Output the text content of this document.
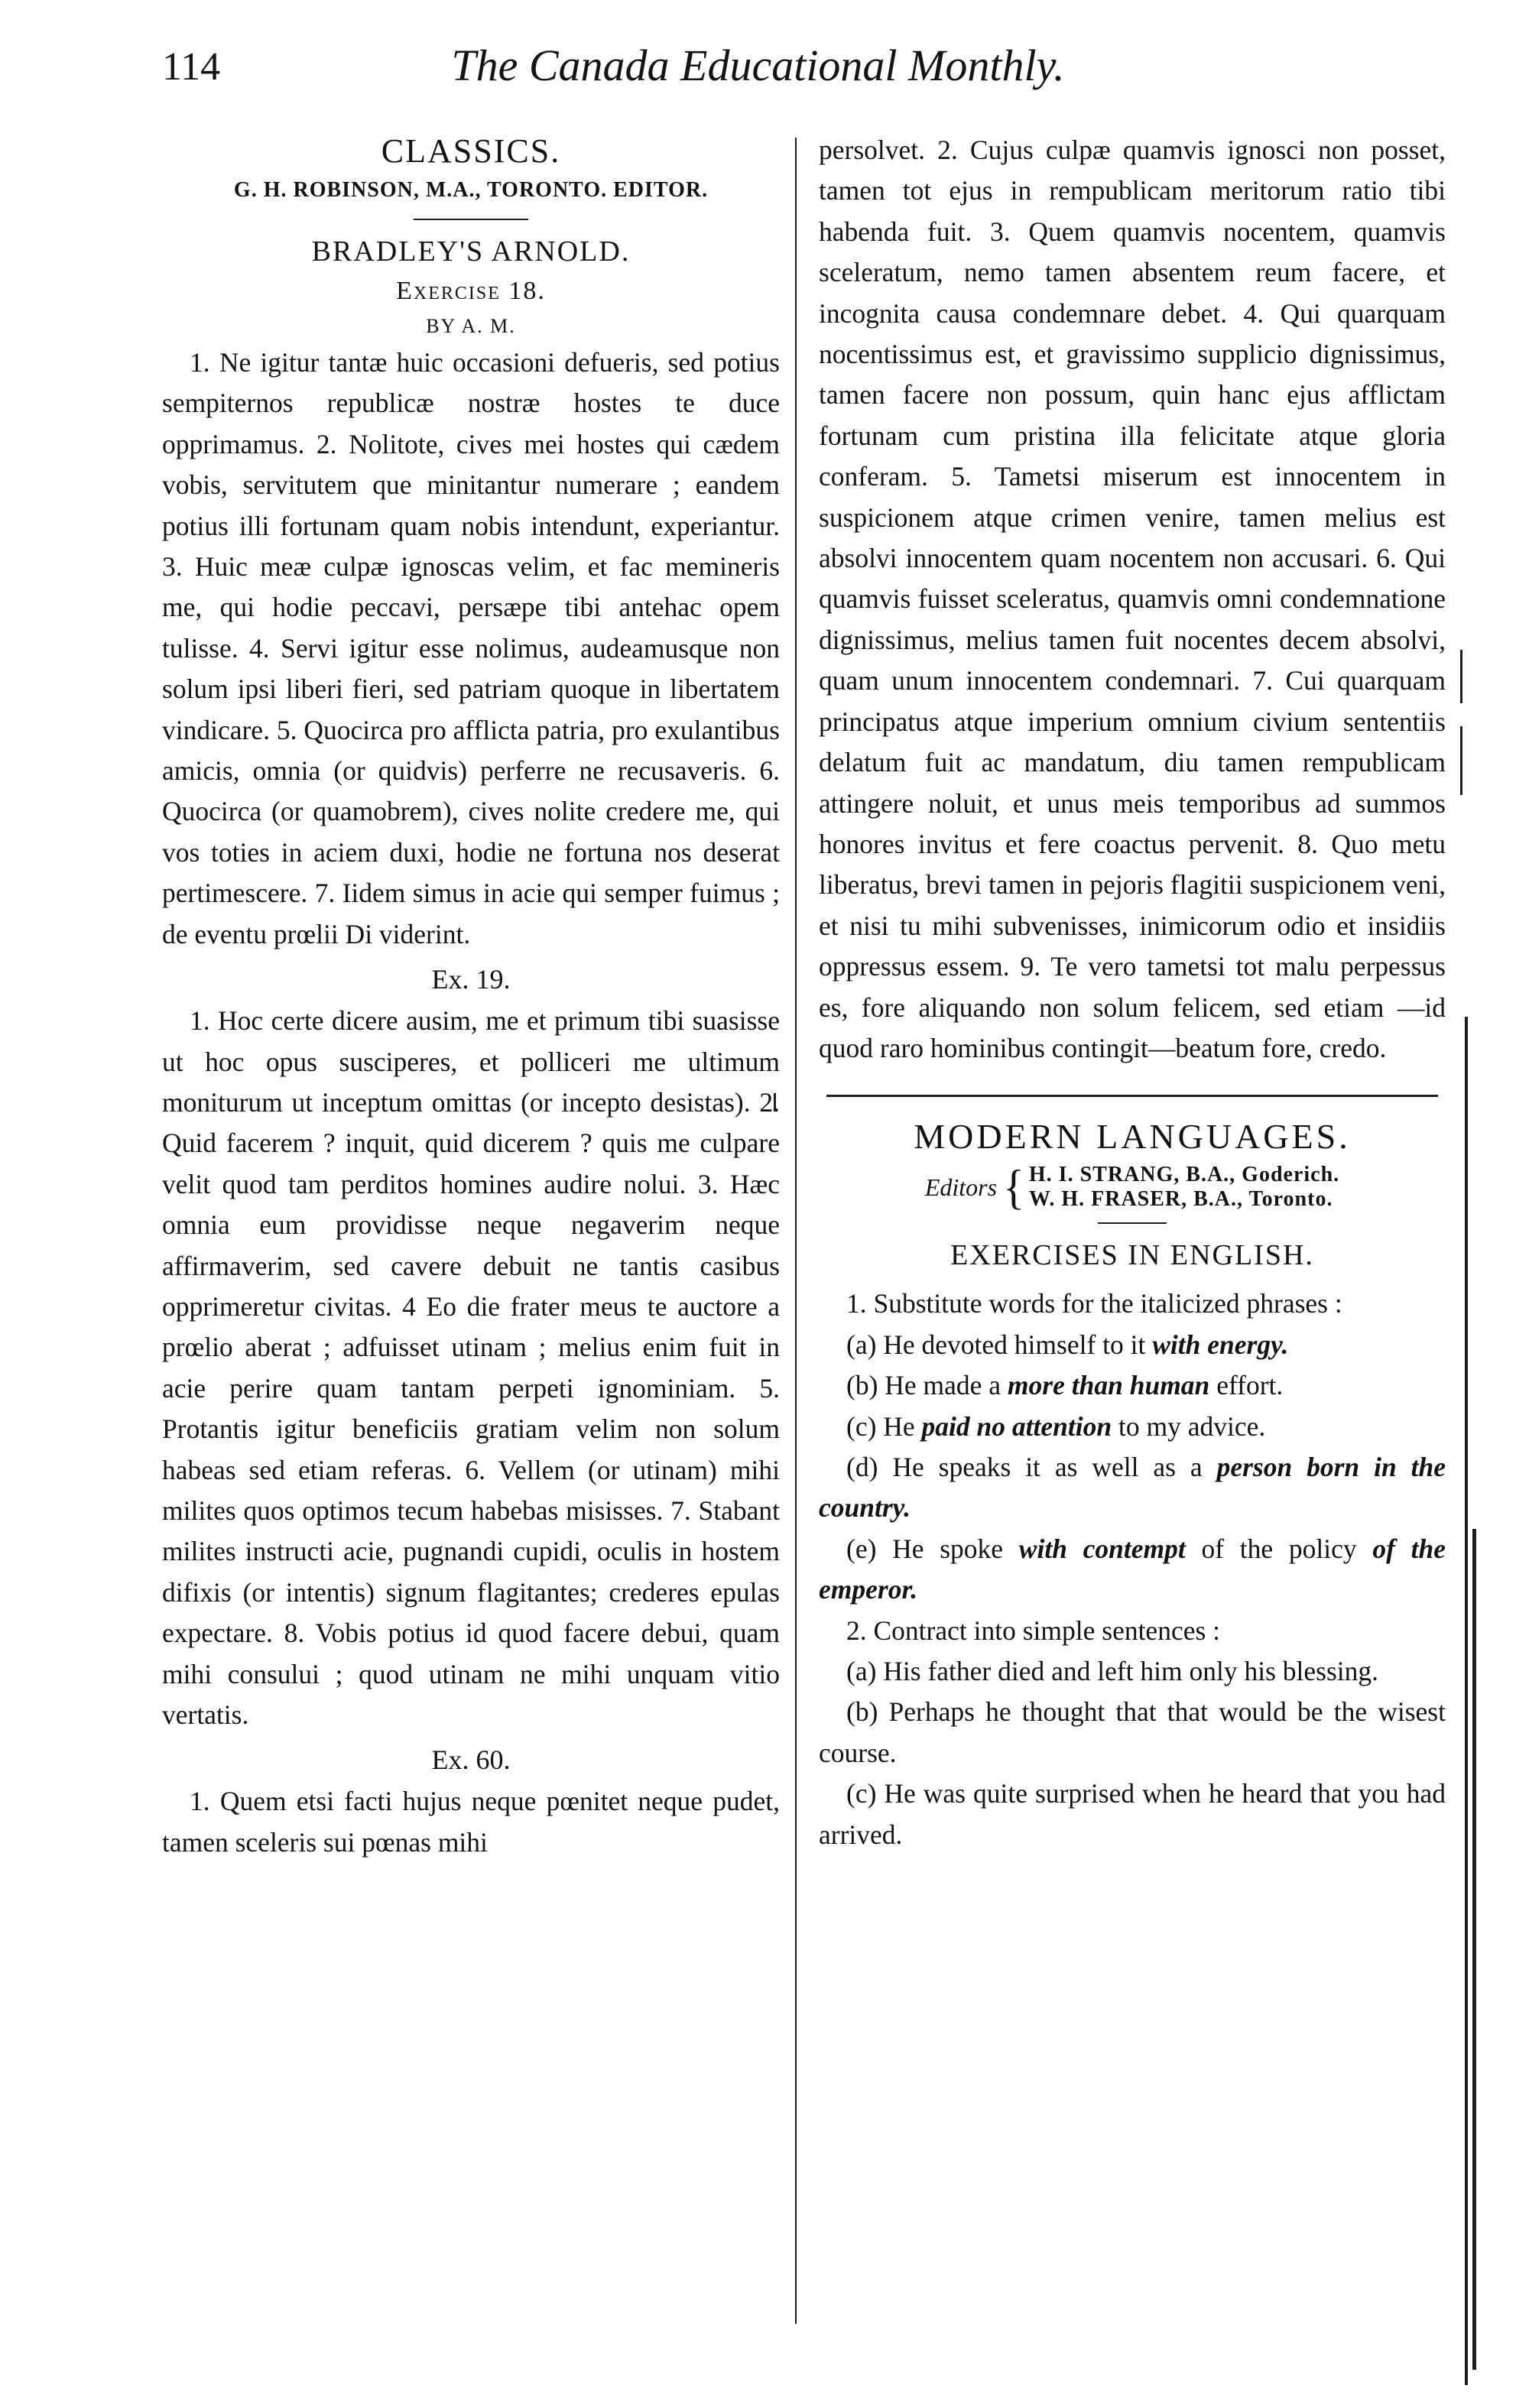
114	The Canada Educational Monthly.
CLASSICS.
G. H. ROBINSON, M.A., TORONTO. EDITOR.
BRADLEY'S ARNOLD.
Exercise 18.
BY A. M.

1. Ne igitur tantæ huic occasioni defueris, sed potius sempiternos republicæ nostræ hostes te duce opprimamus. 2. Nolitote, cives mei hostes qui cædem vobis, servitutem que minitantur numerare ; eandem potius illi fortunam quam nobis intendunt, experiantur. 3. Huic meæ culpæ ignoscas velim, et fac memineris me, qui hodie peccavi, persæpe tibi antehac opem tulisse. 4. Servi igitur esse nolimus, audeamusque non solum ipsi liberi fieri, sed patriam quoque in libertatem vindicare. 5. Quocirca pro afflicta patria, pro exulantibus amicis, omnia (or quidvis) perferre ne recusaveris. 6. Quocirca (or quamobrem), cives nolite credere me, qui vos toties in aciem duxi, hodie ne fortuna nos deserat pertimescere. 7. Iidem simus in acie qui semper fuimus ; de eventu prœlii Di viderint.

Ex. 19.

1. Hoc certe dicere ausim, me et primum tibi suasisse ut hoc opus susciperes, et polliceri me ultimum moniturum ut inceptum omittas (or incepto desistas). 2. Quid facerem ? inquit, quid dicerem ? quis me culpare velit quod tam perditos homines audire nolui. 3. Hæc omnia eum providisse neque negaverim neque affirmaverim, sed cavere debuit ne tantis casibus opprimeretur civitas. 4 Eo die frater meus te auctore a prœlio aberat ; adfuisset utinam ; melius enim fuit in acie perire quam tantam perpeti ignominiam. 5. Protantis igitur beneficiis gratiam velim non solum habeas sed etiam referas. 6. Vellem (or utinam) mihi milites quos optimos tecum habebas misisses. 7. Stabant milites instructi acie, pugnandi cupidi, oculis in hostem difixis (or intentis) signum flagitantes; crederes epulas expectare. 8. Vobis potius id quod facere debui, quam mihi consului ; quod utinam ne mihi unquam vitio vertatis.

Ex. 60.

1. Quem etsi facti hujus neque pœnitet neque pudet, tamen sceleris sui pœnas mihi

persolvet. 2. Cujus culpæ quamvis ignosci non posset, tamen tot ejus in rempublicam meritorum ratio tibi habenda fuit. 3. Quem quamvis nocentem, quamvis sceleratum, nemo tamen absentem reum facere, et incognita causa condemnare debet. 4. Qui quarquam nocentissimus est, et gravissimo supplicio dignissimus, tamen facere non possum, quin hanc ejus afflictam fortunam cum pristina illa felicitate atque gloria conferam. 5. Tametsi miserum est innocentem in suspicionem atque crimen venire, tamen melius est absolvi innocentem quam nocentem non accusari. 6. Qui quamvis fuisset sceleratus, quamvis omni condemnatione dignissimus, melius tamen fuit nocentes decem absolvi, quam unum innocentem condemnari. 7. Cui quarquam principatus atque imperium omnium civium sententiis delatum fuit ac mandatum, diu tamen rempublicam attingere noluit, et unus meis temporibus ad summos honores invitus et fere coactus pervenit. 8. Quo metu liberatus, brevi tamen in pejoris flagitii suspicionem veni, et nisi tu mihi subvenisses, inimicorum odio et insidiis oppressus essem. 9. Te vero tametsi tot malu perpessus es, fore aliquando non solum felicem, sed etiam —id quod raro hominibus contingit—beatum fore, credo.

MODERN LANGUAGES.
Editors { H. I. STRANG, B.A., Goderich.
W. H. FRASER, B.A., Toronto.
EXERCISES IN ENGLISH.

1. Substitute words for the italicized phrases :

(a) He devoted himself to it with energy.

(b) He made a more than human effort.

(c) He paid no attention to my advice.

(d) He speaks it as well as a person born in the country.

(e) He spoke with contempt of the policy of the emperor.

2. Contract into simple sentences :

(a) His father died and left him only his blessing.

(b) Perhaps he thought that that would be the wisest course.

(c) He was quite surprised when he heard that you had arrived.
